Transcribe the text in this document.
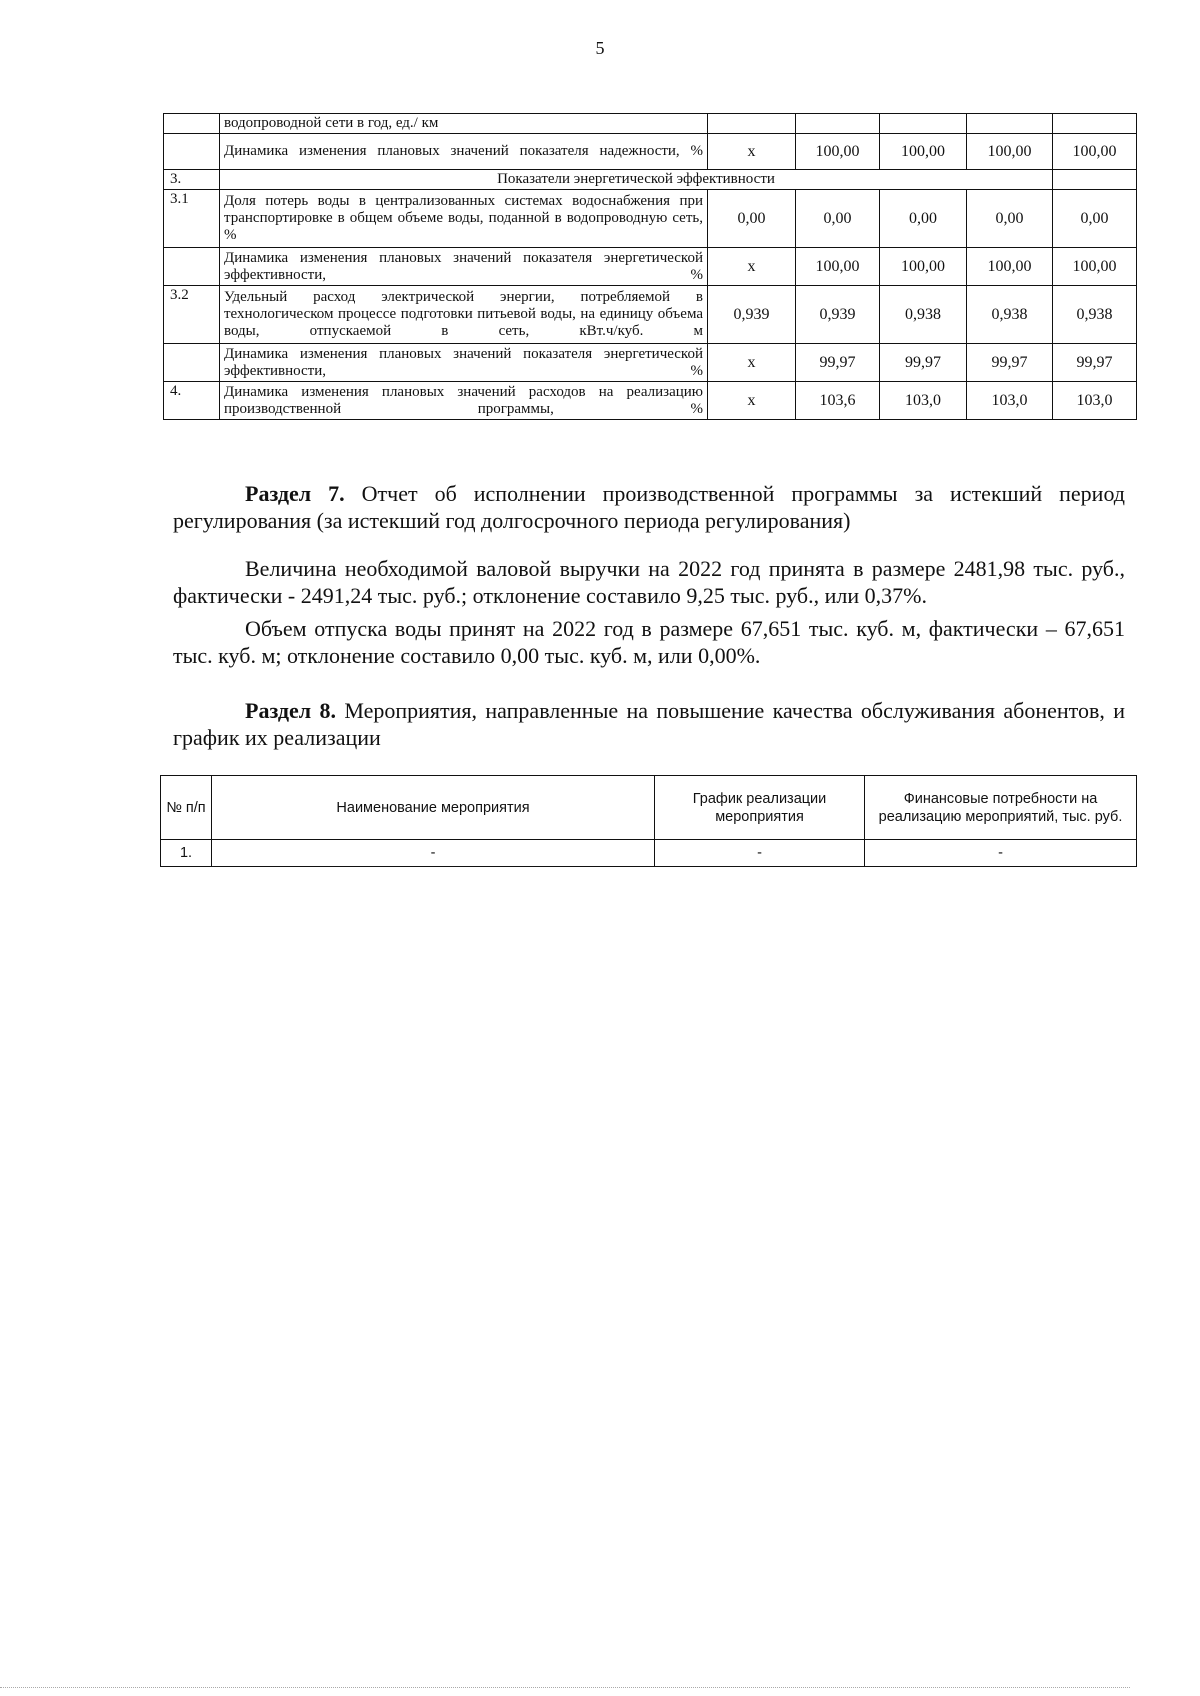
5
	водопроводной сети в год, ед./ км						
	Динамика изменения плановых значений показателя надежности, %	х	100,00	100,00	100,00	100,00	
3.	Показатели энергетической эффективности						
3.1	Доля потерь воды в централизованных системах водоснабжения при транспортировке в общем объеме воды, поданной в водопроводную сеть, %	0,00	0,00	0,00	0,00	0,00	
	Динамика изменения плановых значений показателя энергетической эффективности, %	х	100,00	100,00	100,00	100,00	
3.2	Удельный расход электрической энергии, потребляемой в технологическом процессе подготовки питьевой воды, на единицу объема воды, отпускаемой в сеть, кВт.ч/куб. м	0,939	0,939	0,938	0,938	0,938	
	Динамика изменения плановых значений показателя энергетической эффективности, %	х	99,97	99,97	99,97	99,97	
4.	Динамика изменения плановых значений расходов на реализацию производственной программы, %	х	103,6	103,0	103,0	103,0	
Раздел 7. Отчет об исполнении производственной программы за истекший период регулирования (за истекший год долгосрочного периода регулирования)
Величина необходимой валовой выручки на 2022 год принята в размере 2481,98 тыс. руб., фактически - 2491,24 тыс. руб.; отклонение составило 9,25 тыс. руб., или 0,37%.
Объем отпуска воды принят на 2022 год в размере 67,651 тыс. куб. м, фактически – 67,651 тыс. куб. м; отклонение составило 0,00 тыс. куб. м, или 0,00%.
Раздел 8. Мероприятия, направленные на повышение качества обслуживания абонентов, и график их реализации
№ п/п	Наименование мероприятия	График реализации мероприятия	Финансовые потребности на реализацию мероприятий, тыс. руб.
1.	-	-	-
